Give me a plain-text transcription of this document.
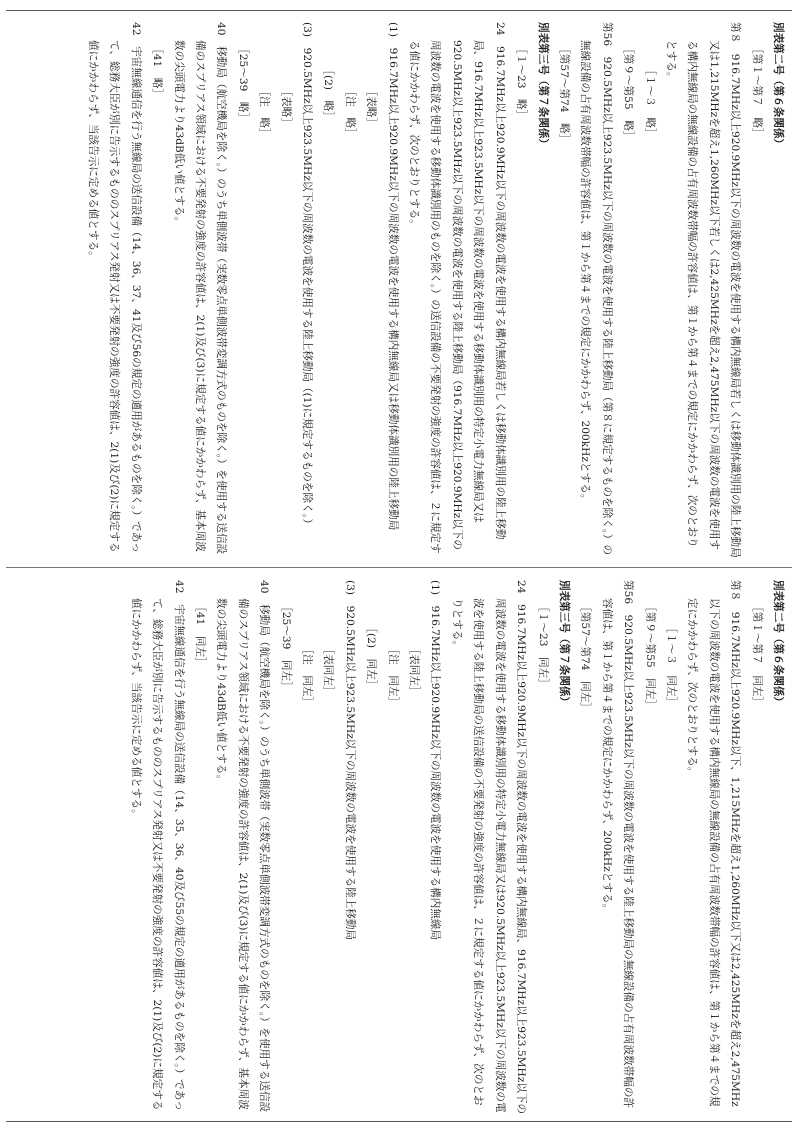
別表第二号（第６条関係）

［第１～第７　略］

第８　916.7MHz以上920.9MHz以下の周波数の電波を使用する構内無線局若しくは移動体識別用の陸上移動局又は1,215MHzを超え1,260MHz以下若しくは2,425MHzを超え2,475MHz以下の周波数の電波を使用する構内無線局の無線設備の占有周波数帯幅の許容値は、第１から第４までの規定にかかわらず、次のとおりとする。

［１～３　略］

［第９～第55　略］

第56　920.5MHz以上923.5MHz以下の周波数の電波を使用する陸上移動局（第８に規定するものを除く。）の無線設備の占有周波数帯幅の許容値は、第１から第４までの規定にかかわらず、200kHzとする。

［第57～第74　略］

別表第三号（第７条関係）

［１～23　略］

24　916.7MHz以上920.9MHz以下の周波数の電波を使用する構内無線局若しくは移動体識別用の陸上移動局、916.7MHz以上923.5MHz以下の周波数の電波を使用する移動体識別用の特定小電力無線局又は920.5MHz以上923.5MHz以下の周波数の電波を使用する陸上移動局（916.7MHz以上920.9MHz以下の周波数の電波を使用する移動体識別用のものを除く。）の送信設備の不要発射の強度の許容値は、２に規定する値にかかわらず、次のとおりとする。

(1)　916.7MHz以上920.9MHz以下の周波数の電波を使用する構内無線局又は移動体識別用の陸上移動局

［表略］

［注　略］

［(2)　略］

(3)　920.5MHz以上923.5MHz以下の周波数の電波を使用する陸上移動局（(1)に規定するものを除く。）

［表略］

［注　略］

［25～39　略］

40　移動局（航空機局を除く。）のうち単側波帯（実数零点単側波帯変調方式のものを除く。）を使用する送信設備のスプリアス領域における不要発射の強度の許容値は、2(1)及び(3)に規定する値にかかわらず、基本周波数の尖頭電力より43dB低い値とする。

［41　略］

42　宇宙無線通信を行う無線局の送信設備（14、36、37、41及び56の規定の適用があるものを除く。）であって、総務大臣が別に告示するもののスプリアス発射又は不要発射の強度の許容値は、2(1)及び(2)に規定する値にかかわらず、当該告示に定める値とする。

別表第二号（第６条関係）

［第１～第７　同左］

第８　916.7MHz以上920.9MHz以下、1,215MHzを超え1,260MHz以下又は2,425MHzを超え2,475MHz以下の周波数の電波を使用する構内無線局の無線設備の占有周波数帯幅の許容値は、第１から第４までの規定にかかわらず、次のとおりとする。

［１～３　同左］

［第９～第55　同左］

第56　920.5MHz以上923.5MHz以下の周波数の電波を使用する陸上移動局の無線設備の占有周波数帯幅の許容値は、第１から第４までの規定にかかわらず、200kHzとする。

［第57～第74　同左］

別表第三号（第７条関係）

［１～23　同左］

24　916.7MHz以上920.9MHz以下の周波数の電波を使用する構内無線局、916.7MHz以上923.5MHz以下の周波数の電波を使用する移動体識別用の特定小電力無線局又は920.5MHz以上923.5MHz以下の周波数の電波を使用する陸上移動局の送信設備の不要発射の強度の許容値は、２に規定する値にかかわらず、次のとおりとする。

(1)　916.7MHz以上920.9MHz以下の周波数の電波を使用する構内無線局

［表同左］

［注　同左］

［(2)　同左］

(3)　920.5MHz以上923.5MHz以下の周波数の電波を使用する陸上移動局

［表同左］

［注　同左］

［25～39　同左］

40　移動局（航空機局を除く。）のうち単側波帯（実数零点単側波帯変調方式のものを除く。）を使用する送信設備のスプリアス領域における不要発射の強度の許容値は、2(1)及び(3)に規定する値にかかわらず、基本周波数の尖頭電力より43dB低い値とする。

［41　同左］

42　宇宙無線通信を行う無線局の送信設備（14、35、36、40及び55の規定の適用があるものを除く。）であって、総務大臣が別に告示するもののスプリアス発射又は不要発射の強度の許容値は、2(1)及び(2)に規定する値にかかわらず、当該告示に定める値とする。
